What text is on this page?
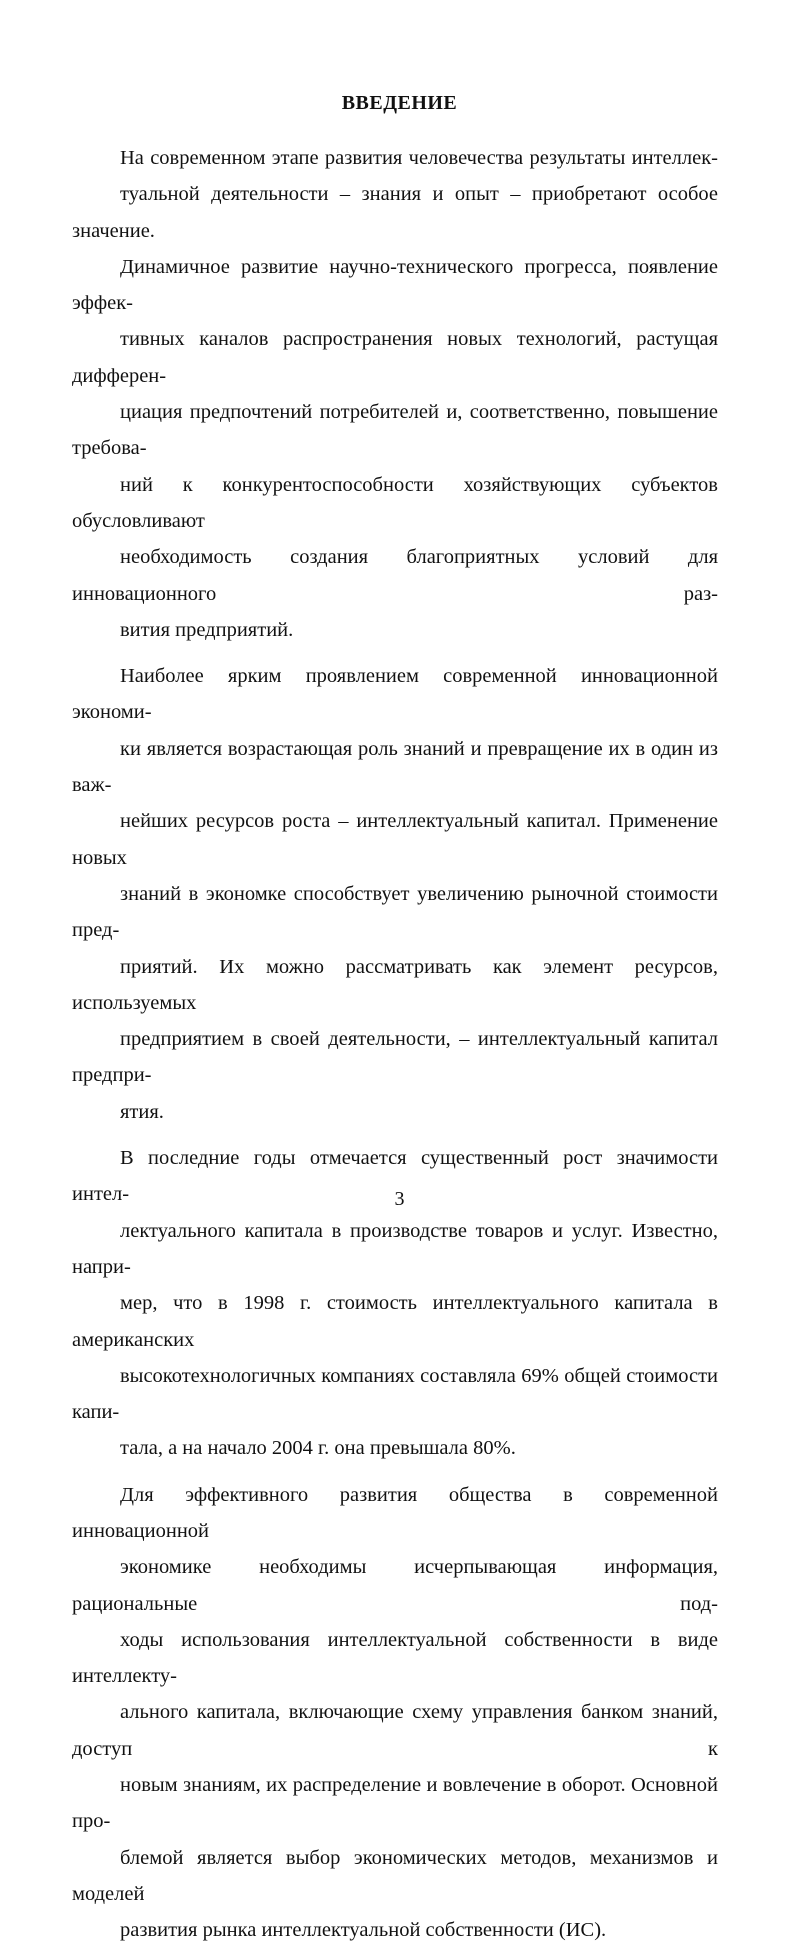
ВВЕДЕНИЕ

На современном этапе развития человечества результаты интеллек-
туальной деятельности – знания и опыт – приобретают особое значение.
Динамичное развитие научно-технического прогресса, появление эффек-
тивных каналов распространения новых технологий, растущая дифферен-
циация предпочтений потребителей и, соответственно, повышение требова-
ний к конкурентоспособности хозяйствующих субъектов обусловливают
необходимость создания благоприятных условий для инновационного раз-
вития предприятий.

Наиболее ярким проявлением современной инновационной экономи-
ки является возрастающая роль знаний и превращение их в один из важ-
нейших ресурсов роста – интеллектуальный капитал. Применение новых
знаний в экономке способствует увеличению рыночной стоимости пред-
приятий. Их можно рассматривать как элемент ресурсов, используемых
предприятием в своей деятельности, – интеллектуальный капитал предпри-
ятия.

В последние годы отмечается существенный рост значимости интел-
лектуального капитала в производстве товаров и услуг. Известно, напри-
мер, что в 1998 г. стоимость интеллектуального капитала в американских
высокотехнологичных компаниях составляла 69% общей стоимости капи-
тала, а на начало 2004 г. она превышала 80%.

Для эффективного развития общества в современной инновационной
экономике необходимы исчерпывающая информация, рациональные под-
ходы использования интеллектуальной собственности в виде интеллекту-
ального капитала, включающие схему управления банком знаний, доступ к
новым знаниям, их распределение и вовлечение в оборот. Основной про-
блемой является выбор экономических методов, механизмов и моделей
развития рынка интеллектуальной собственности (ИС).

3
